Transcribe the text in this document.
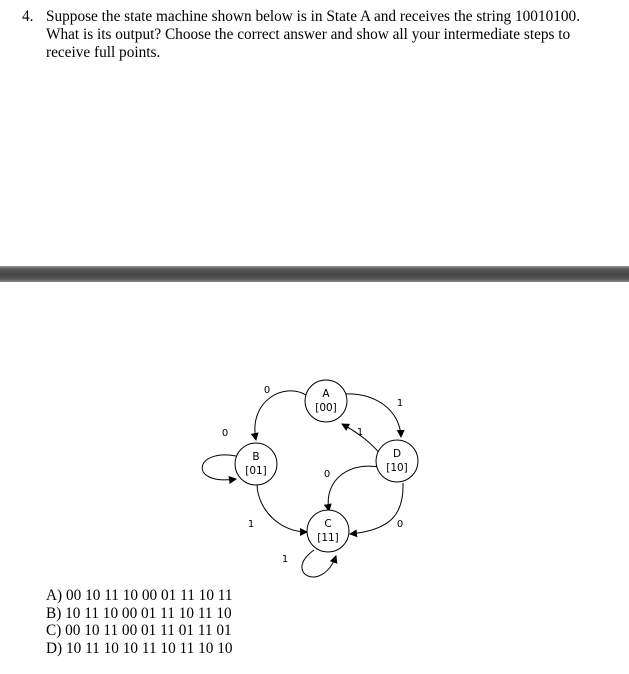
4. Suppose the state machine shown below is in State A and receives the string 10010100. What is its output? Choose the correct answer and show all your intermediate steps to receive full points.
A
[00]
B
[01]
C
[11]
D
[10]
0
1
1
0
0
1
1
0
A) 00 10 11 10 00 01 11 10 11
B) 10 11 10 00 01 11 10 11 10
C) 00 10 11 00 01 11 01 11 01
D) 10 11 10 10 11 10 11 10 10
